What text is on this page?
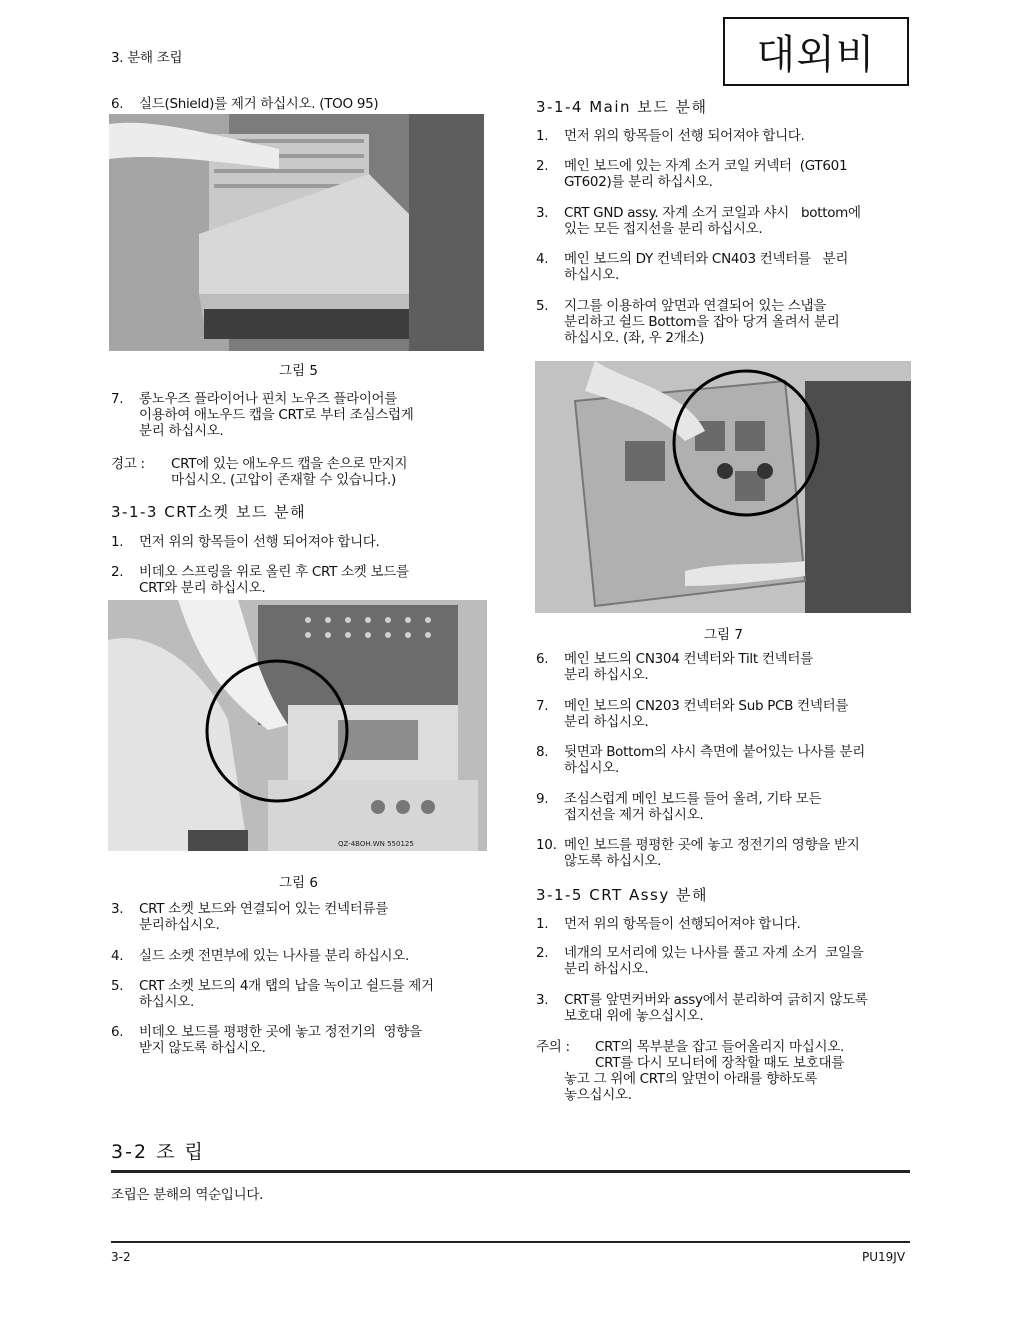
3. 분해 조립	대외비
6. 실드(Shield)를 제거 하십시오. (TOO 95)
그림 5
7. 롱노우즈 플라이어나 핀치 노우즈 플라이어를
이용하여 애노우드 캡을 CRT로 부터 조심스럽게
분리 하십시오.
경고 : CRT에 있는 애노우드 캡을 손으로 만지지
마십시오. (고압이 존재할 수 있습니다.)
3-1-3 CRT소켓 보드 분해
1. 먼저 위의 항목들이 선행 되어져야 합니다.
2. 비데오 스프링을 위로 올린 후 CRT 소켓 보드를
CRT와 분리 하십시오.
QZ-4BOH.WN 550125
그림 6
3. CRT 소켓 보드와 연결되어 있는 컨넥터류를
분리하십시오.
4. 실드 소켓 전면부에 있는 나사를 분리 하십시오.
5. CRT 소켓 보드의 4개 탭의 납을 녹이고 쉴드를 제거
하십시오.
6. 비데오 보드를 평평한 곳에 놓고 정전기의  영향을
받지 않도록 하십시오.
3-1-4 Main 보드 분해
1. 먼저 위의 항목들이 선행 되어져야 합니다.
2. 메인 보드에 있는 자계 소거 코일 커넥터  (GT601
GT602)를 분리 하십시오.
3. CRT GND assy. 자계 소거 코일과 샤시   bottom에
있는 모든 접지선을 분리 하십시오.
4. 메인 보드의 DY 컨넥터와 CN403 컨넥터를   분리
하십시오.
5. 지그를 이용하여 앞면과 연결되어 있는 스냅을
분리하고 쉴드 Bottom을 잡아 당겨 올려서 분리
하십시오. (좌, 우 2개소)
그림 7
6. 메인 보드의 CN304 컨넥터와 Tilt 컨넥터를
분리 하십시오.
7. 메인 보드의 CN203 컨넥터와 Sub PCB 컨넥터를
분리 하십시오.
8. 뒷면과 Bottom의 샤시 측면에 붙어있는 나사를 분리
하십시오.
9. 조심스럽게 메인 보드를 들어 올려, 기타 모든
접지선을 제거 하십시오.
10. 메인 보드를 평평한 곳에 놓고 정전기의 영향을 받지
않도록 하십시오.
3-1-5 CRT Assy 분해
1. 먼저 위의 항목들이 선행되어져야 합니다.
2. 네개의 모서리에 있는 나사를 풀고 자계 소거  코일을
분리 하십시오.
3. CRT를 앞면커버와 assy에서 분리하여 긁히지 않도록
보호대 위에 놓으십시오.
주의 : CRT의 목부분을 잡고 들어올리지 마십시오.
CRT를 다시 모니터에 장착할 때도 보호대를
놓고 그 위에 CRT의 앞면이 아래를 향하도록
놓으십시오.
3-2 조 립
조립은 분해의 역순입니다.
3-2	PU19JV
